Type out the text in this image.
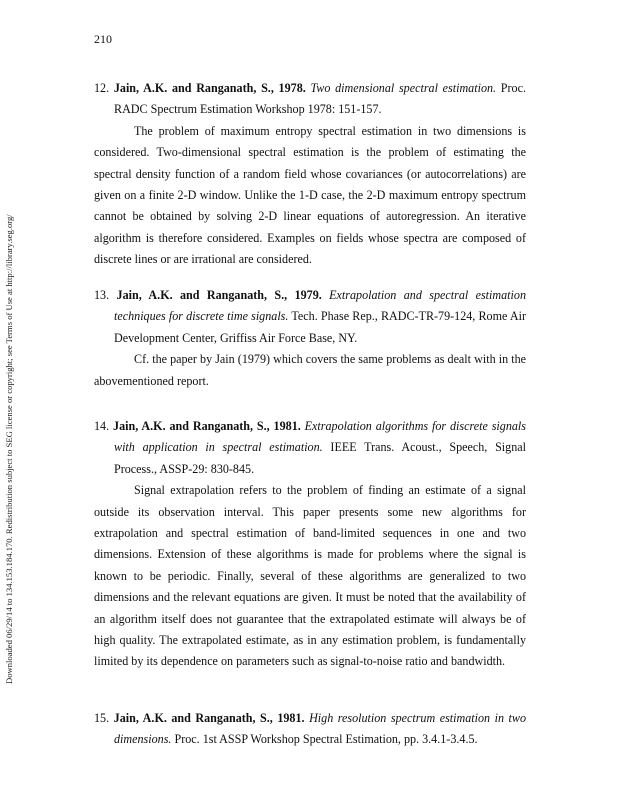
210
Downloaded 06/29/14 to 134.153.184.170. Redistribution subject to SEG license or copyright; see Terms of Use at http://library.seg.org/

12. Jain, A.K. and Ranganath, S., 1978. Two dimensional spectral estimation. Proc. RADC Spectrum Estimation Workshop 1978: 151-157.

The problem of maximum entropy spectral estimation in two dimensions is considered. Two-dimensional spectral estimation is the problem of estimating the spectral density function of a random field whose covariances (or autocorrelations) are given on a finite 2-D window. Unlike the 1-D case, the 2-D maximum entropy spectrum cannot be obtained by solving 2-D linear equations of autoregression. An iterative algorithm is therefore considered. Examples on fields whose spectra are composed of discrete lines or are irrational are considered.

13. Jain, A.K. and Ranganath, S., 1979. Extrapolation and spectral estimation techniques for discrete time signals. Tech. Phase Rep., RADC-TR-79-124, Rome Air Development Center, Griffiss Air Force Base, NY.

Cf. the paper by Jain (1979) which covers the same problems as dealt with in the abovementioned report.

14. Jain, A.K. and Ranganath, S., 1981. Extrapolation algorithms for discrete signals with application in spectral estimation. IEEE Trans. Acoust., Speech, Signal Process., ASSP-29: 830-845.

Signal extrapolation refers to the problem of finding an estimate of a signal outside its observation interval. This paper presents some new algorithms for extrapolation and spectral estimation of band-limited sequences in one and two dimensions. Extension of these algorithms is made for problems where the signal is known to be periodic. Finally, several of these algorithms are generalized to two dimensions and the relevant equations are given. It must be noted that the availability of an algorithm itself does not guarantee that the extrapolated estimate will always be of high quality. The extrapolated estimate, as in any estimation problem, is fundamentally limited by its dependence on parameters such as signal-to-noise ratio and bandwidth.

15. Jain, A.K. and Ranganath, S., 1981. High resolution spectrum estimation in two dimensions. Proc. 1st ASSP Workshop Spectral Estimation, pp. 3.4.1-3.4.5.
